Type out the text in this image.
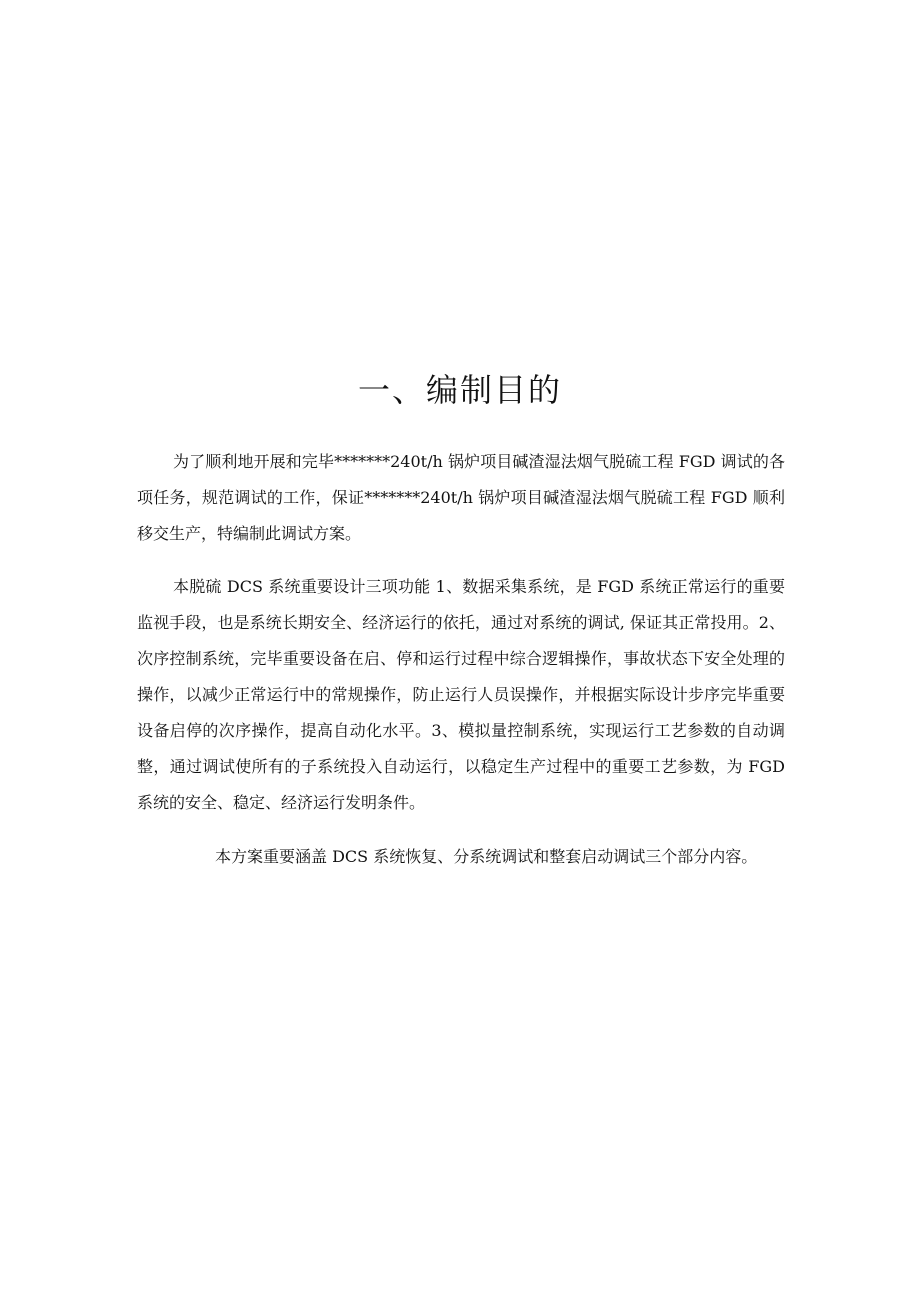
一、编制目的

为了顺利地开展和完毕*******240t/h 锅炉项目碱渣湿法烟气脱硫工程 FGD 调试的各项任务，规范调试的工作，保证*******240t/h 锅炉项目碱渣湿法烟气脱硫工程 FGD 顺利移交生产，特编制此调试方案。

本脱硫 DCS 系统重要设计三项功能 1、数据采集系统，是 FGD 系统正常运行的重要监视手段，也是系统长期安全、经济运行的依托，通过对系统的调试, 保证其正常投用。2、次序控制系统，完毕重要设备在启、停和运行过程中综合逻辑操作，事故状态下安全处理的操作，以减少正常运行中的常规操作，防止运行人员误操作，并根据实际设计步序完毕重要设备启停的次序操作，提高自动化水平。3、模拟量控制系统，实现运行工艺参数的自动调整，通过调试使所有的子系统投入自动运行，以稳定生产过程中的重要工艺参数，为 FGD 系统的安全、稳定、经济运行发明条件。

本方案重要涵盖 DCS 系统恢复、分系统调试和整套启动调试三个部分内容。
